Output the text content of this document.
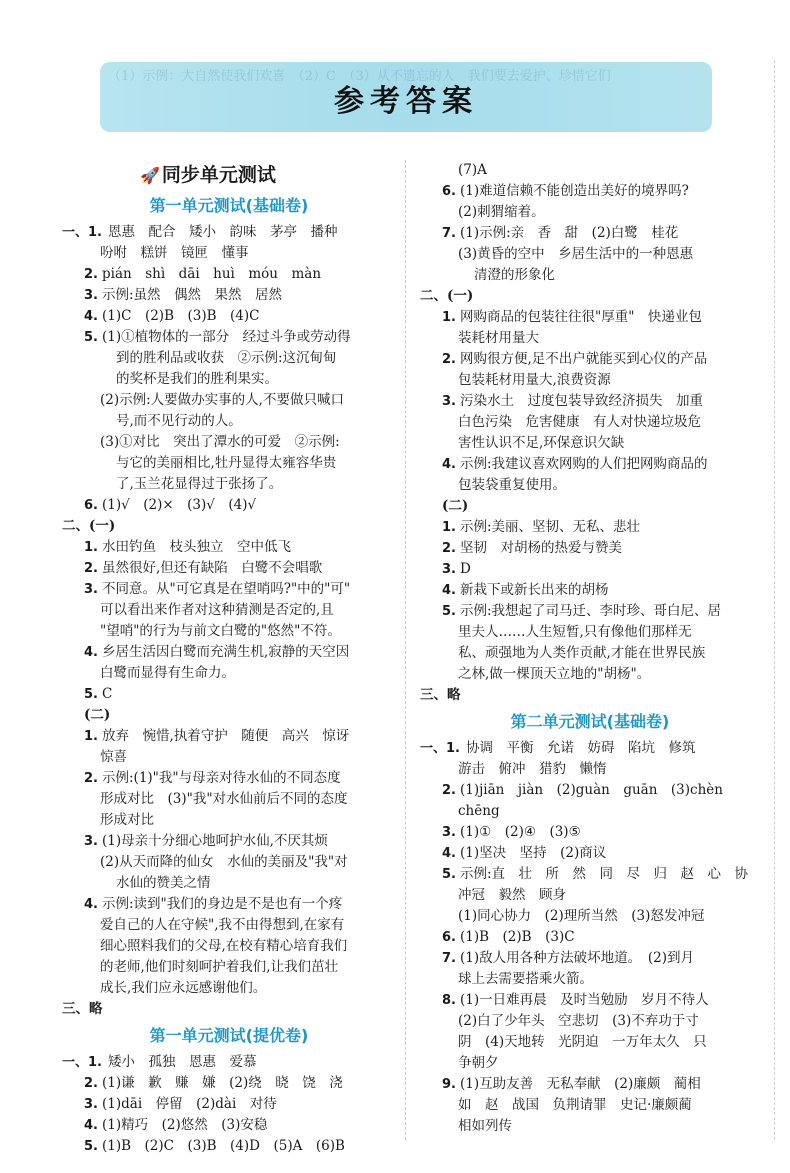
（1）示例：大自然使我们欢喜　（2）C　（3）从不遗忘的人　我们要去爱护、珍惜它们
参考答案
🚀 同步单元测试
第一单元测试(基础卷)
一、1. 恩惠　配合　矮小　韵味　茅亭　播种
吩咐　糕饼　镜匣　懂事
2. pián　shì　dāi　huì　móu　màn
3. 示例:虽然　偶然　果然　居然
4. (1)C　(2)B　(3)B　(4)C
5. (1)①植物体的一部分　经过斗争或劳动得
到的胜利品或收获　②示例:这沉甸甸
的奖杯是我们的胜利果实。
(2)示例:人要做办实事的人,不要做只喊口
号,而不见行动的人。
(3)①对比　突出了潭水的可爱　②示例:
与它的美丽相比,牡丹显得太雍容华贵
了,玉兰花显得过于张扬了。
6. (1)√　(2)×　(3)√　(4)√
二、(一)
1. 水田钓鱼　枝头独立　空中低飞
2. 虽然很好,但还有缺陷　白鹭不会唱歌
3. 不同意。从"可它真是在望哨吗?"中的"可"
可以看出来作者对这种猜测是否定的,且
"望哨"的行为与前文白鹭的"悠然"不符。
4. 乡居生活因白鹭而充满生机,寂静的天空因
白鹭而显得有生命力。
5. C
(二)
1. 放弃　惋惜,执着守护　随便　高兴　惊讶
惊喜
2. 示例:(1)"我"与母亲对待水仙的不同态度
形成对比　(3)"我"对水仙前后不同的态度
形成对比
3. (1)母亲十分细心地呵护水仙,不厌其烦
(2)从天而降的仙女　水仙的美丽及"我"对
水仙的赞美之情
4. 示例:读到"我们的身边是不是也有一个疼
爱自己的人在守候",我不由得想到,在家有
细心照料我们的父母,在校有精心培育我们
的老师,他们时刻呵护着我们,让我们茁壮
成长,我们应永远感谢他们。
三、略
第一单元测试(提优卷)
一、1. 矮小　孤独　恩惠　爱慕
2. (1)谦　歉　赚　嫌　(2)绕　晓　饶　浇
3. (1)dāi　停留　(2)dài　对待
4. (1)精巧　(2)悠然　(3)安稳
5. (1)B　(2)C　(3)B　(4)D　(5)A　(6)B
(7)A
6. (1)难道信赖不能创造出美好的境界吗?
(2)刺猬缩着。
7. (1)示例:亲　香　甜　(2)白鹭　桂花
(3)黄昏的空中　乡居生活中的一种恩惠
清澄的形象化
二、(一)
1. 网购商品的包装往往很"厚重"　快递业包
装耗材用量大
2. 网购很方便,足不出户就能买到心仪的产品
包装耗材用量大,浪费资源
3. 污染水土　过度包装导致经济损失　加重
白色污染　危害健康　有人对快递垃圾危
害性认识不足,环保意识欠缺
4. 示例:我建议喜欢网购的人们把网购商品的
包装袋重复使用。
(二)
1. 示例:美丽、坚韧、无私、悲壮
2. 坚韧　对胡杨的热爱与赞美
3. D
4. 新栽下或新长出来的胡杨
5. 示例:我想起了司马迁、李时珍、哥白尼、居
里夫人……人生短暂,只有像他们那样无
私、顽强地为人类作贡献,才能在世界民族
之林,做一棵顶天立地的"胡杨"。
三、略
第二单元测试(基础卷)
一、1. 协调　平衡　允诺　妨碍　陷坑　修筑
游击　俯冲　猎豹　懒惰
2. (1)jiān　jiàn　(2)guàn　guān　(3)chèn
chēng
3. (1)①　(2)④　(3)⑤
4. (1)坚决　坚持　(2)商议
5. 示例:直　壮　所　然　同　尽　归　赵　心　协
冲冠　毅然　顾身
(1)同心协力　(2)理所当然　(3)怒发冲冠
6. (1)B　(2)B　(3)C
7. (1)敌人用各种方法破坏地道。　(2)到月
球上去需要搭乘火箭。
8. (1)一日难再晨　及时当勉励　岁月不待人
(2)白了少年头　空悲切　(3)不弃功于寸
阴　(4)天地转　光阴迫　一万年太久　只
争朝夕
9. (1)互助友善　无私奉献　(2)廉颇　蔺相
如　赵　战国　负荆请罪　史记·廉颇蔺
相如列传
